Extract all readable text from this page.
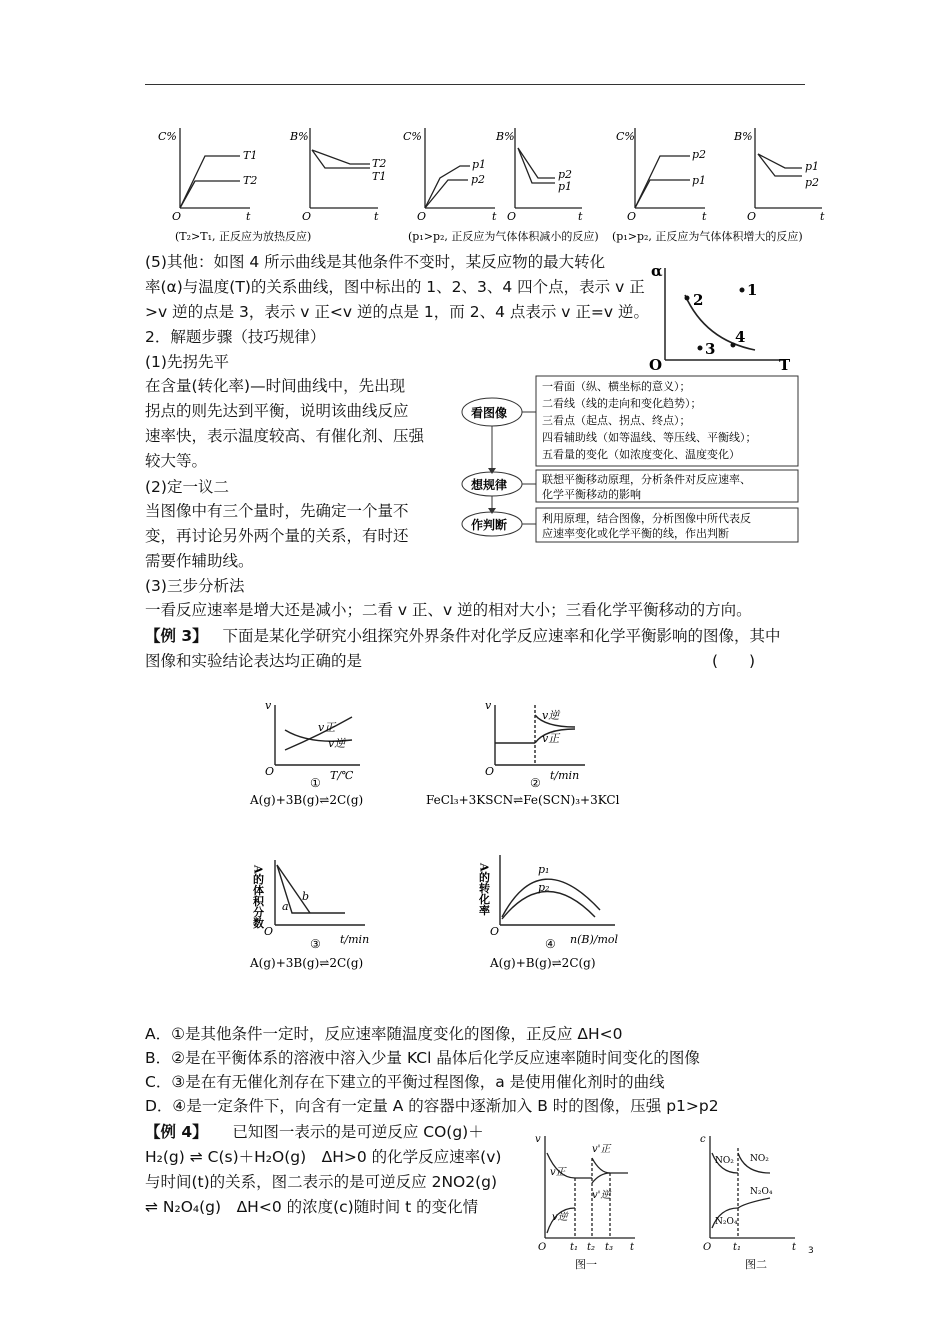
C%
O	t
T1
T2
B%
O	t
T2
T1
C%
O	t
p1
p2
B%
O	t
p2
p1
C%
O	t
p2
p1
B%
O	t
p1
p2
(T₂>T₁, 正反应为放热反应)	(p₁>p₂, 正反应为气体体积减小的反应) (p₁>p₂, 正反应为气体体积增大的反应)
(5)其他：如图 4 所示曲线是其他条件不变时，某反应物的最大转化
率(α)与温度(T)的关系曲线，图中标出的 1、2、3、4 四个点，表示 v 正
>v 逆的点是 3，表示 v 正<v 逆的点是 1，而 2、4 点表示 v 正=v 逆。
α
T
O
1
2
3
4
2．解题步骤（技巧规律）
(1)先拐先平
在含量(转化率)—时间曲线中，先出现
拐点的则先达到平衡，说明该曲线反应
速率快，表示温度较高、有催化剂、压强
较大等。
(2)定一议二
当图像中有三个量时，先确定一个量不
变，再讨论另外两个量的关系，有时还
需要作辅助线。
(3)三步分析法
一看反应速率是增大还是减小；二看 v 正、v 逆的相对大小；三看化学平衡移动的方向。
看图像
想规律
作判断
一看面（纵、横坐标的意义）；
二看线（线的走向和变化趋势）；
三看点（起点、拐点、终点）；
四看辅助线（如等温线、等压线、平衡线）；
五看量的变化（如浓度变化、温度变化）
联想平衡移动原理，分析条件对反应速率、
化学平衡移动的影响
利用原理，结合图像，分析图像中所代表反
应速率变化或化学平衡的线，作出判断
【例 3】 下面是某化学研究小组探究外界条件对化学反应速率和化学平衡影响的图像，其中
图像和实验结论表达均正确的是	(　　)
v
O	T/℃
v正
v逆
v
O	t/min
v逆
v正
O
t/min
b
a
O
n(B)/mol
p₁
p₂
A的体积分数	A的转化率
①
A(g)+3B(g)⇌2C(g)
②
FeCl₃+3KSCN⇌Fe(SCN)₃+3KCl
③
A(g)+3B(g)⇌2C(g)
④
A(g)+B(g)⇌2C(g)
A．①是其他条件一定时，反应速率随温度变化的图像，正反应 ΔH<0
B．②是在平衡体系的溶液中溶入少量 KCl 晶体后化学反应速率随时间变化的图像
C．③是在有无催化剂存在下建立的平衡过程图像，a 是使用催化剂时的曲线
D．④是一定条件下，向含有一定量 A 的容器中逐渐加入 B 时的图像，压强 p1>p2
【例 4】 已知图一表示的是可逆反应 CO(g)＋
H₂(g) ⇌ C(s)＋H₂O(g)　ΔH>0 的化学反应速率(v)
与时间(t)的关系，图二表示的是可逆反应 2NO2(g)
⇌ N₂O₄(g)　ΔH<0 的浓度(c)随时间 t 的变化情
v
O	t
t₁ t₂ t₃
v正
v逆
v'正
v'逆
c
O	t
t₁
NO₂ NO₂
N₂O₄
N₂O₄
图一	图二
3
